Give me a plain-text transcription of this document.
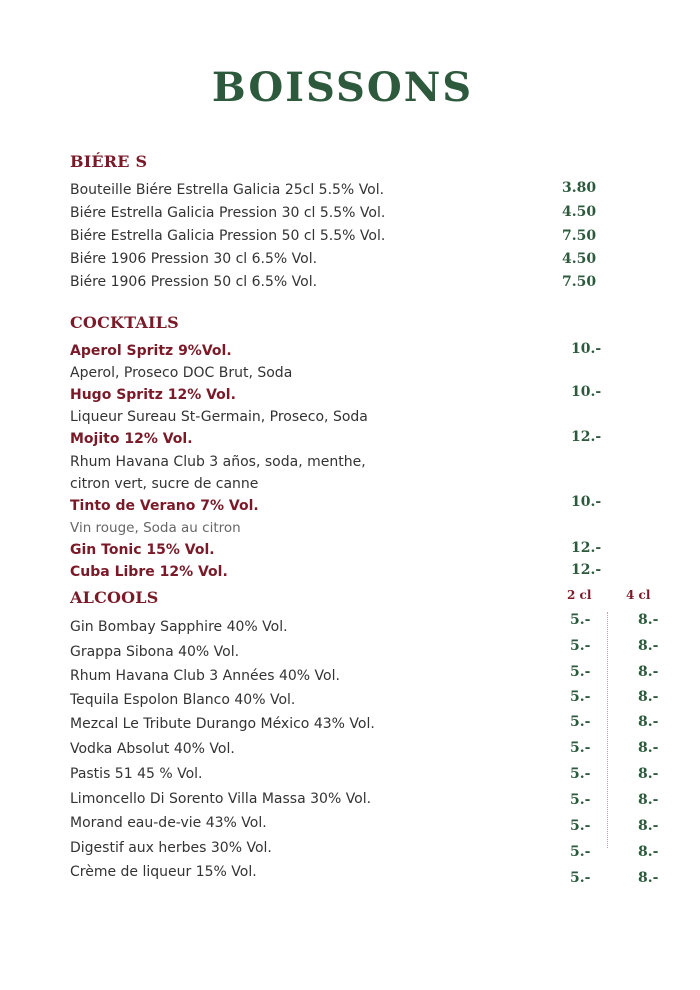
BOISSONS
BIÉRE S
Bouteille Biére Estrella Galicia 25cl 5.5% Vol.	3.80
Biére Estrella Galicia Pression 30 cl 5.5% Vol.	4.50
Biére Estrella Galicia Pression 50 cl 5.5% Vol.	7.50
Biére 1906 Pression 30 cl 6.5% Vol.	4.50
Biére 1906 Pression 50 cl 6.5% Vol.	7.50
COCKTAILS
Aperol Spritz 9%Vol.	10.-
Aperol, Proseco DOC Brut, Soda
Hugo Spritz 12% Vol.	10.-
Liqueur Sureau St-Germain, Proseco, Soda
Mojito 12% Vol.	12.-
Rhum Havana Club 3 años, soda, menthe,
citron vert, sucre de canne
Tinto de Verano 7% Vol.	10.-
Vin rouge, Soda au citron
Gin Tonic 15% Vol.	12.-
Cuba Libre 12% Vol.	12.-
ALCOOLS	2 cl	4 cl
Gin Bombay Sapphire 40% Vol.	5.-	8.-
Grappa Sibona 40% Vol.	5.-	8.-
Rhum Havana Club 3 Années 40% Vol.	5.-	8.-
Tequila Espolon Blanco 40% Vol.	5.-	8.-
Mezcal Le Tribute Durango México 43% Vol.	5.-	8.-
Vodka Absolut 40% Vol.	5.-	8.-
Pastis 51 45 % Vol.	5.-	8.-
Limoncello Di Sorento Villa Massa 30% Vol.	5.-	8.-
Morand eau-de-vie 43% Vol.	5.-	8.-
Digestif aux herbes 30% Vol.	5.-	8.-
Crème de liqueur 15% Vol.	5.-	8.-
